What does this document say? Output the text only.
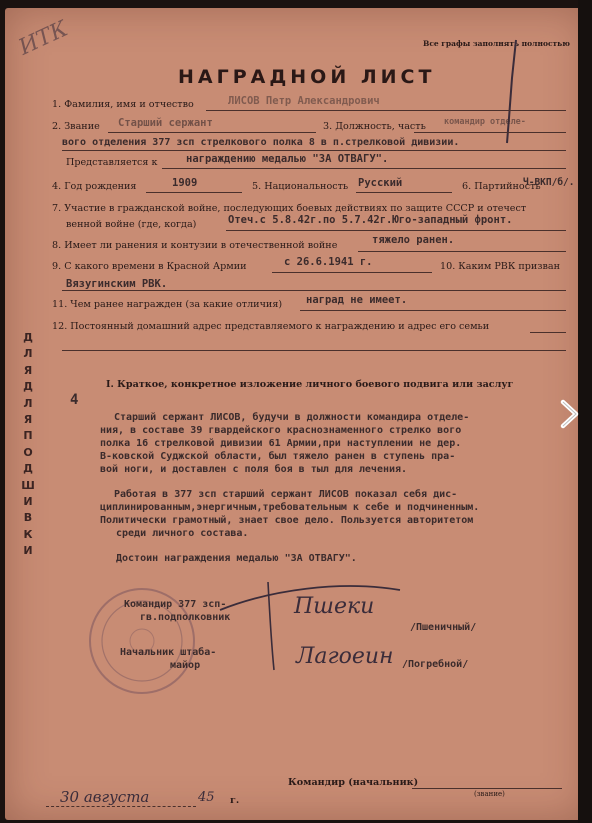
ИТК	Все графы заполнять полностью
НАГРАДНОЙ ЛИСТ
1. Фамилия, имя и отчество	ЛИСОВ Петр Александрович
2. Звание Старший сержант	3. Должность, часть командир отделе-
вого отделения 377 зсп стрелкового полка 8 в п.стрелковой дивизии.
Представляется к	награждению медалью "ЗА ОТВАГУ".
4. Год рождения	1909	5. Национальность Русский	6. Партийность
Ч-ВКП/б/.
7. Участие в гражданской войне, последующих боевых действиях по защите СССР и отечест
венной войне (где, когда)	Отеч.с 5.8.42г.по 5.7.42г.Юго-западный фронт.
8. Имеет ли ранения и контузии в отечественной войне	тяжело ранен.
9. С какого времени в Красной Армии	с 26.6.1941 г.	10. Каким РВК призван
Вязугинским РВК.
11. Чем ранее награжден (за какие отличия) наград не имеет.
12. Постоянный домашний адрес представляемого к награждению и адрес его семьи
I. Краткое, конкретное изложение личного боевого подвига или заслуг
4
Старший сержант ЛИСОВ, будучи в должности командира отделе-
ния, в составе 39 гвардейского краснознаменного стрелко вого
полка 16 стрелковой дивизии 61 Армии,при наступлении не дер.
В-ковской Суджской области, был тяжело ранен в ступень пра-
вой ноги, и доставлен с поля боя в тыл для лечения.
Работая в 377 зсп старший сержант ЛИСОВ показал себя дис-
циплинированным,энергичным,требовательным к себе и подчиненным.
Политически грамотный, знает свое дело. Пользуется авторитетом
среди личного состава.
Достоин награждения медалью "ЗА ОТВАГУ".
Командир 377 зсп-
гв.подполковник	Пшеки
/Пшеничный/
Начальник штаба-
майор	Лагоеин /Погребной/
Командир (начальник)
(звание)
30 августа	45 г.
Д
Л
Я
Д
Л
Я
П
О
Д
Ш
И
В
К
И
